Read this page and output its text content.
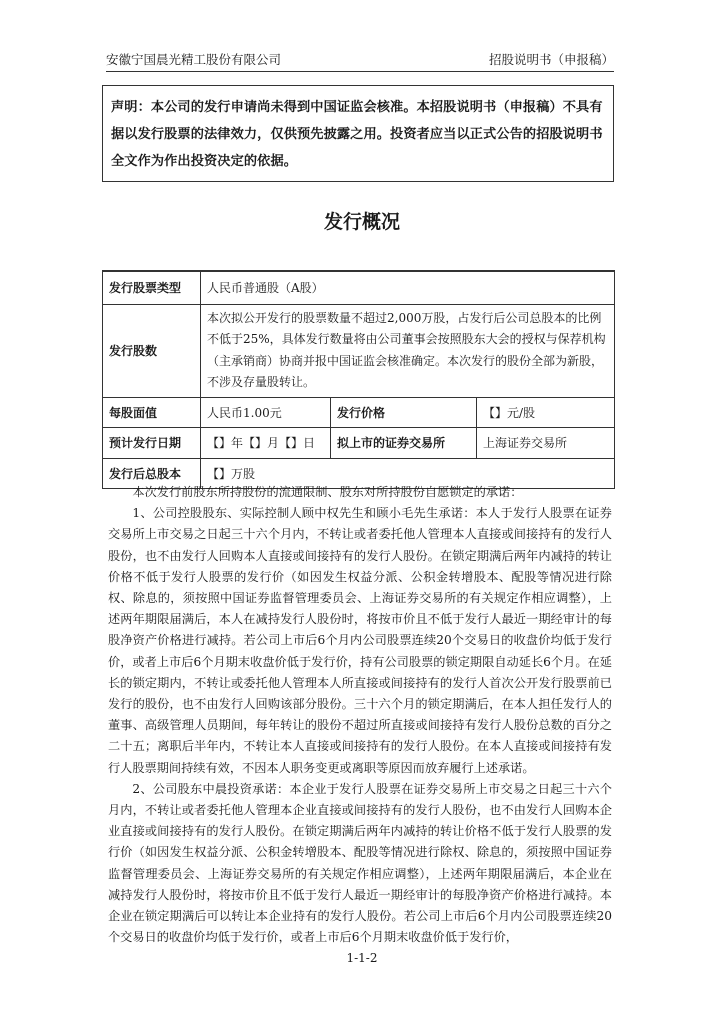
安徽宁国晨光精工股份有限公司	招股说明书（申报稿）
声明：本公司的发行申请尚未得到中国证监会核准。本招股说明书（申报稿）不具有据以发行股票的法律效力，仅供预先披露之用。投资者应当以正式公告的招股说明书全文作为作出投资决定的依据。
发行概况
发行股票类型	人民币普通股（A股）		
发行股数	本次拟公开发行的股票数量不超过2,000万股，占发行后公司总股本的比例不低于25%，具体发行数量将由公司董事会按照股东大会的授权与保荐机构（主承销商）协商并报中国证监会核准确定。本次发行的股份全部为新股，不涉及存量股转让。		
每股面值	人民币1.00元	发行价格	【】元/股
预计发行日期	【】年【】月【】日	拟上市的证券交易所	上海证券交易所
发行后总股本	【】万股		

本次发行前股东所持股份的流通限制、股东对所持股份自愿锁定的承诺：

1、公司控股股东、实际控制人顾中权先生和顾小毛先生承诺：本人于发行人股票在证券交易所上市交易之日起三十六个月内，不转让或者委托他人管理本人直接或间接持有的发行人股份，也不由发行人回购本人直接或间接持有的发行人股份。在锁定期满后两年内减持的转让价格不低于发行人股票的发行价（如因发生权益分派、公积金转增股本、配股等情况进行除权、除息的，须按照中国证券监督管理委员会、上海证券交易所的有关规定作相应调整），上述两年期限届满后，本人在减持发行人股份时，将按市价且不低于发行人最近一期经审计的每股净资产价格进行减持。若公司上市后6个月内公司股票连续20个交易日的收盘价均低于发行价，或者上市后6个月期末收盘价低于发行价，持有公司股票的锁定期限自动延长6个月。在延长的锁定期内，不转让或委托他人管理本人所直接或间接持有的发行人首次公开发行股票前已发行的股份，也不由发行人回购该部分股份。三十六个月的锁定期满后，在本人担任发行人的董事、高级管理人员期间，每年转让的股份不超过所直接或间接持有发行人股份总数的百分之二十五；离职后半年内，不转让本人直接或间接持有的发行人股份。在本人直接或间接持有发行人股票期间持续有效，不因本人职务变更或离职等原因而放弃履行上述承诺。

2、公司股东中晨投资承诺：本企业于发行人股票在证券交易所上市交易之日起三十六个月内，不转让或者委托他人管理本企业直接或间接持有的发行人股份，也不由发行人回购本企业直接或间接持有的发行人股份。在锁定期满后两年内减持的转让价格不低于发行人股票的发行价（如因发生权益分派、公积金转增股本、配股等情况进行除权、除息的，须按照中国证券监督管理委员会、上海证券交易所的有关规定作相应调整），上述两年期限届满后，本企业在减持发行人股份时，将按市价且不低于发行人最近一期经审计的每股净资产价格进行减持。本企业在锁定期满后可以转让本企业持有的发行人股份。若公司上市后6个月内公司股票连续20个交易日的收盘价均低于发行价，或者上市后6个月期末收盘价低于发行价，

1-1-2
